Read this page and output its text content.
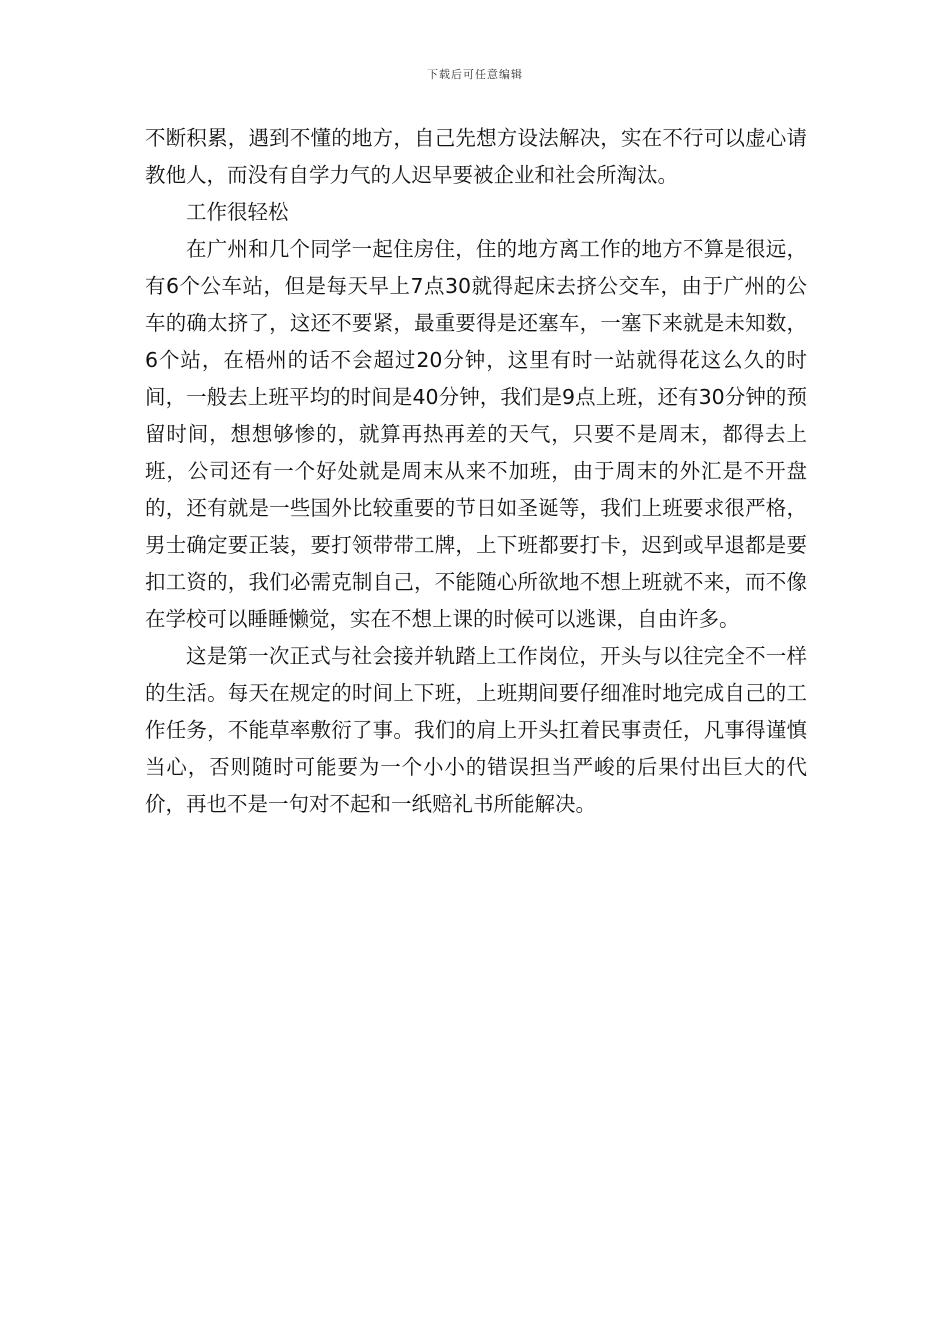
下载后可任意编辑

不断积累，遇到不懂的地方，自己先想方设法解决，实在不行可以虚心请教他人，而没有自学力气的人迟早要被企业和社会所淘汰。

工作很轻松

在广州和几个同学一起住房住，住的地方离工作的地方不算是很远，有6个公车站，但是每天早上7点30就得起床去挤公交车，由于广州的公车的确太挤了，这还不要紧，最重要得是还塞车，一塞下来就是未知数，6个站，在梧州的话不会超过20分钟，这里有时一站就得花这么久的时间，一般去上班平均的时间是40分钟，我们是9点上班，还有30分钟的预留时间，想想够惨的，就算再热再差的天气，只要不是周末，都得去上班，公司还有一个好处就是周末从来不加班，由于周末的外汇是不开盘的，还有就是一些国外比较重要的节日如圣诞等，我们上班要求很严格，男士确定要正装，要打领带带工牌，上下班都要打卡，迟到或早退都是要扣工资的，我们必需克制自己，不能随心所欲地不想上班就不来，而不像在学校可以睡睡懒觉，实在不想上课的时候可以逃课，自由许多。

这是第一次正式与社会接并轨踏上工作岗位，开头与以往完全不一样的生活。每天在规定的时间上下班，上班期间要仔细准时地完成自己的工作任务，不能草率敷衍了事。我们的肩上开头扛着民事责任，凡事得谨慎当心，否则随时可能要为一个小小的错误担当严峻的后果付出巨大的代价，再也不是一句对不起和一纸赔礼书所能解决。
